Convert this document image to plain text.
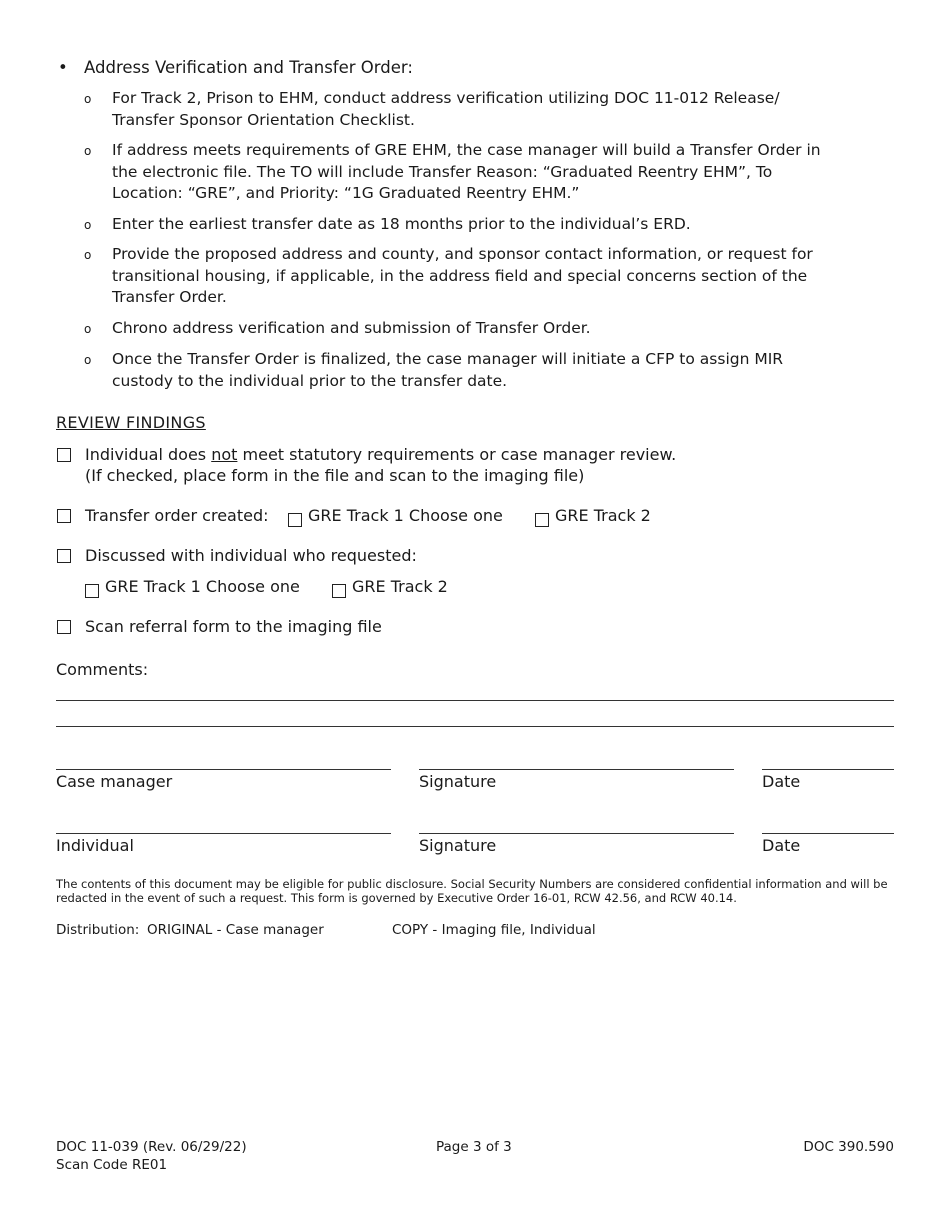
• Address Verification and Transfer Order:
o For Track 2, Prison to EHM, conduct address verification utilizing DOC 11-012 Release/
Transfer Sponsor Orientation Checklist.
o If address meets requirements of GRE EHM, the case manager will build a Transfer Order in
the electronic file. The TO will include Transfer Reason: “Graduated Reentry EHM”, To
Location: “GRE”, and Priority: “1G Graduated Reentry EHM.”
o Enter the earliest transfer date as 18 months prior to the individual’s ERD.
o Provide the proposed address and county, and sponsor contact information, or request for
transitional housing, if applicable, in the address field and special concerns section of the
Transfer Order.
o Chrono address verification and submission of Transfer Order.
o Once the Transfer Order is finalized, the case manager will initiate a CFP to assign MIR
custody to the individual prior to the transfer date.
REVIEW FINDINGS
Individual does not meet statutory requirements or case manager review.
(If checked, place form in the file and scan to the imaging file)
Transfer order created:	GRE Track 1 Choose one	GRE Track 2
Discussed with individual who requested:
GRE Track 1 Choose one	GRE Track 2
Scan referral form to the imaging file
Comments:
Case manager	Signature	Date
Individual	Signature	Date
The contents of this document may be eligible for public disclosure. Social Security Numbers are considered confidential information and will be redacted in the event of such a request. This form is governed by Executive Order 16-01, RCW 42.56, and RCW 40.14.
Distribution: ORIGINAL - Case manager	COPY - Imaging file, Individual
DOC 11-039 (Rev. 06/29/22)
Scan Code RE01
Page 3 of 3	DOC 390.590
